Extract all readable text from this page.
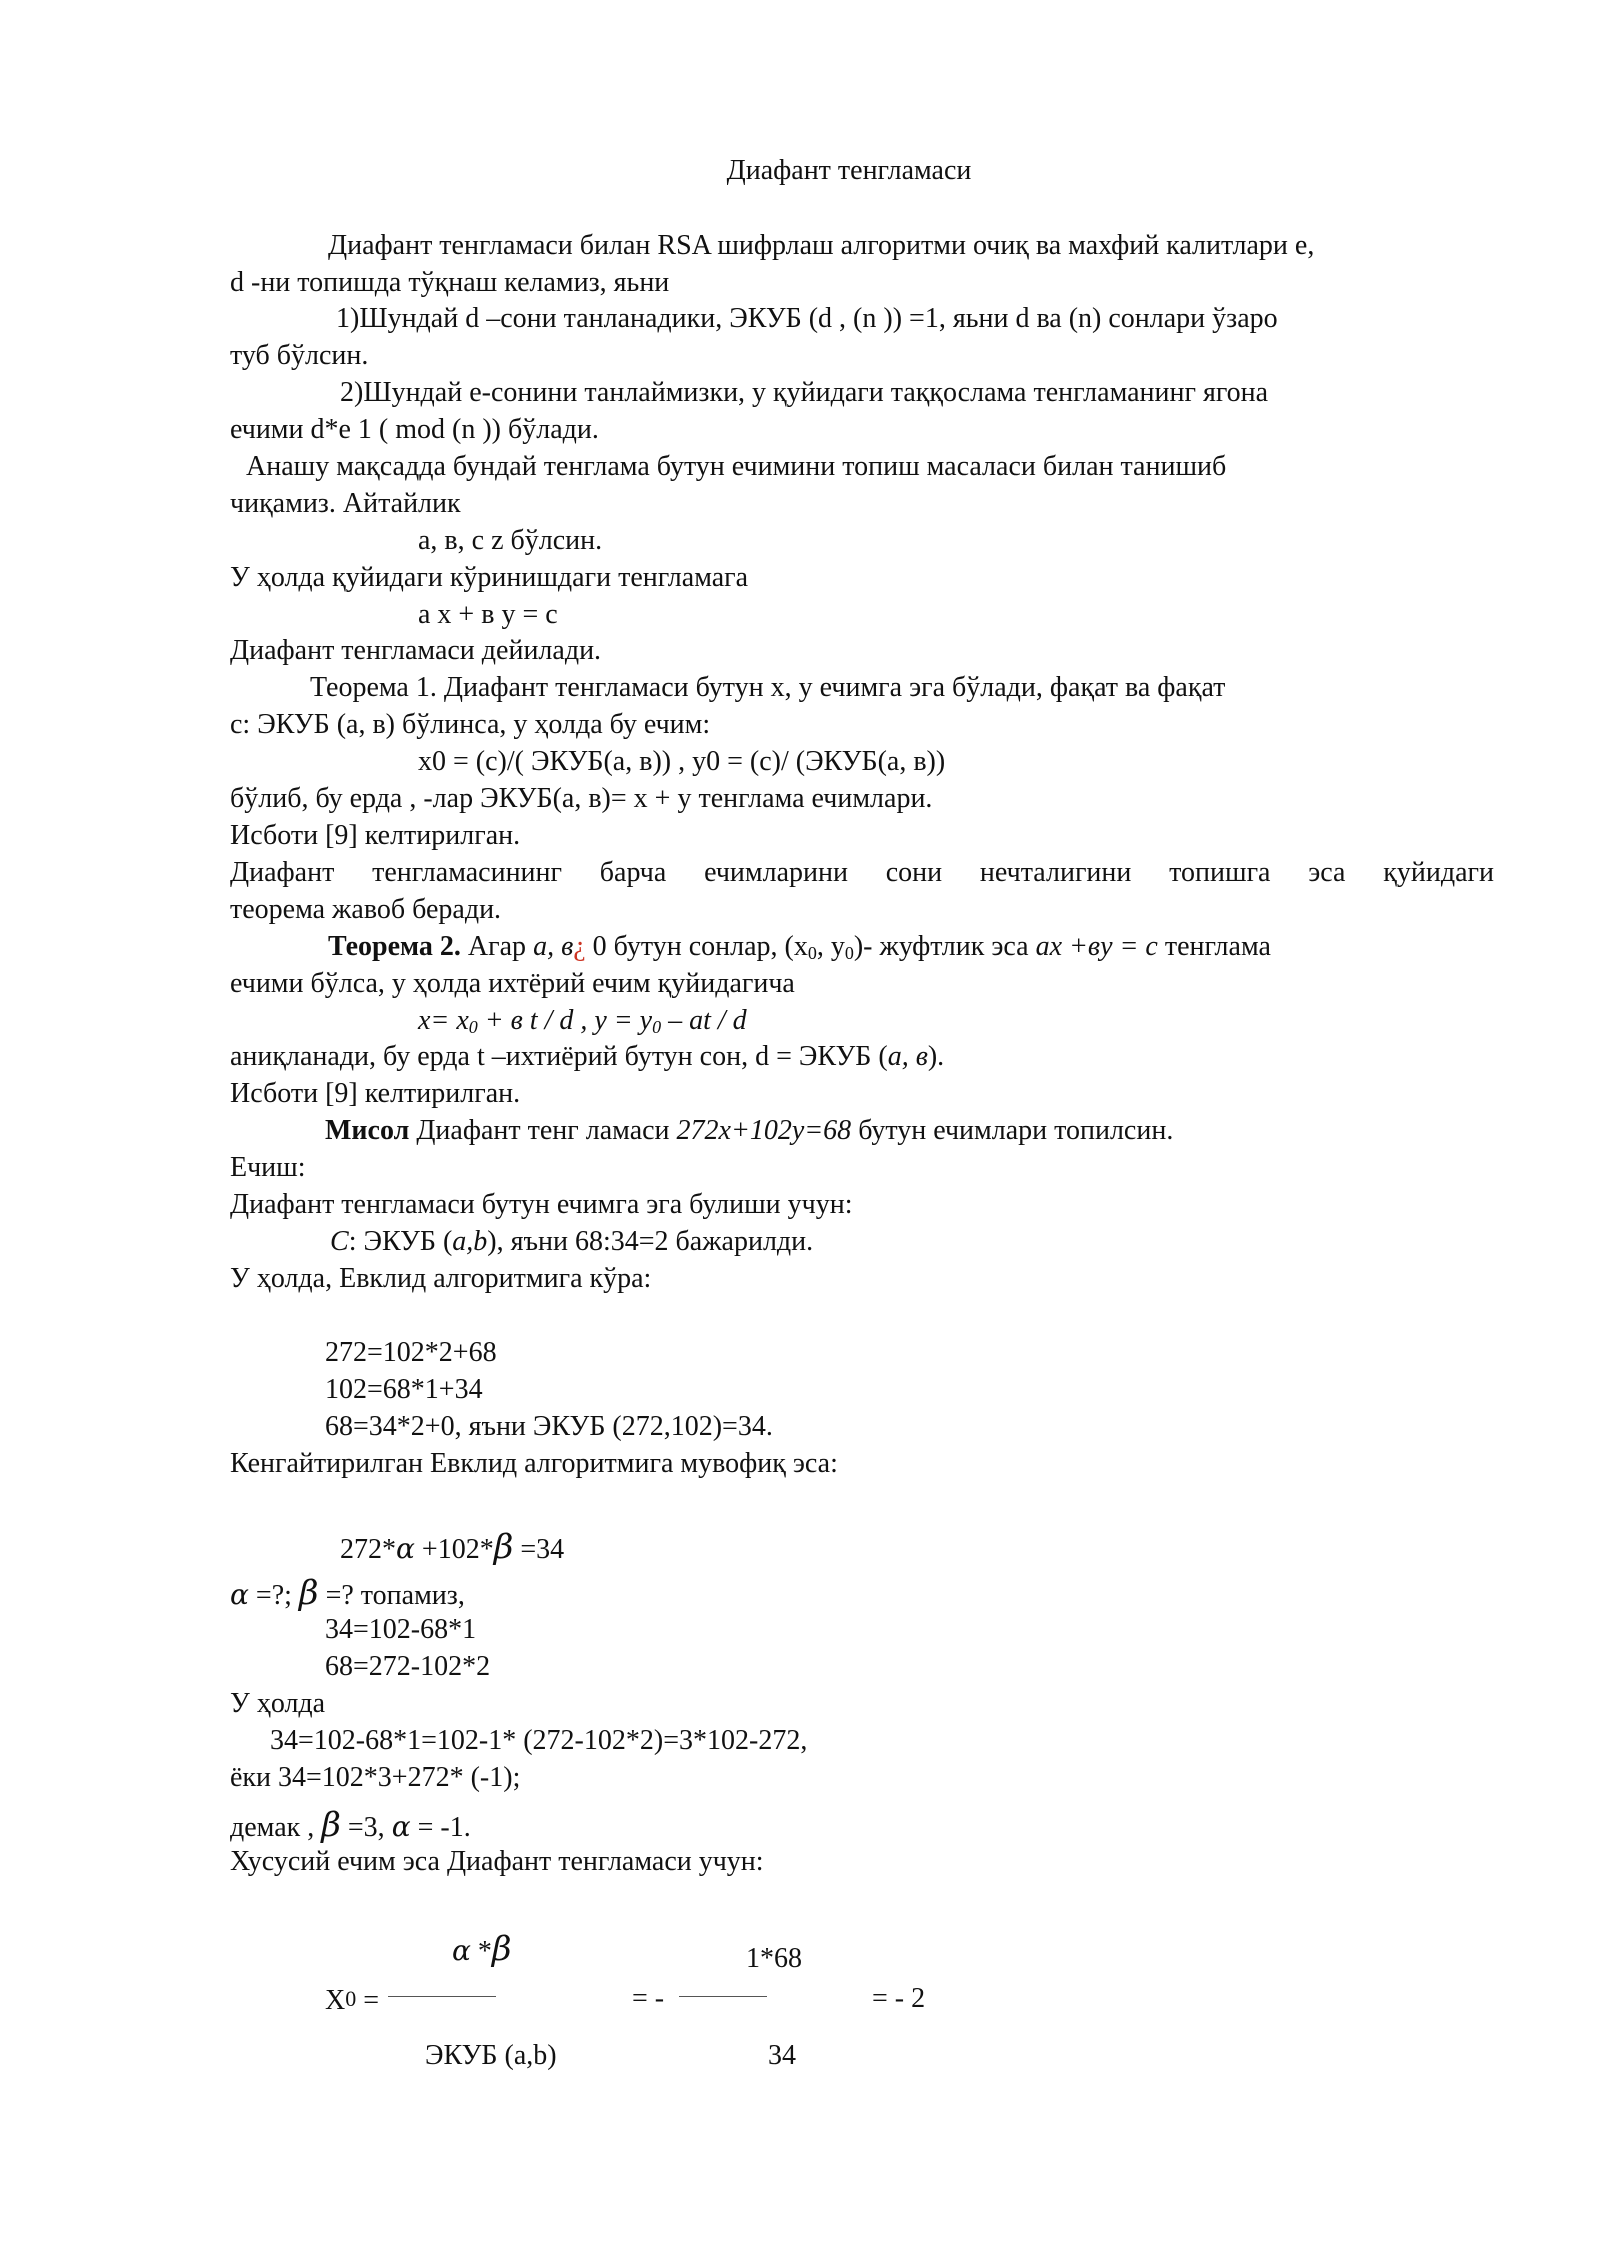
Диафант тенгламаси

Диафант тенгламаси билан RSA шифрлаш алгоритми очиқ ва махфий калитлари e,

d -ни топишда тўқнаш келамиз, яьни

1)Шундай d –сони танланадики, ЭКУБ (d , (n )) =1, яьни d ва (n) сонлари ўзаро

туб бўлсин.

2)Шундай e-сонини танлаймизки, у қуйидаги таққослама тенгламанинг ягона

ечими d*e 1 ( mod (n )) бўлади.

Анашу мақсадда бундай тенглама бутун ечимини топиш масаласи билан танишиб

чиқамиз. Айтайлик

а, в, с z бўлсин.

У ҳолда қуйидаги кўринишдаги тенгламага

а х + в у = с

Диафант тенгламаси дейилади.

Теорема 1. Диафант тенгламаси бутун х, у ечимга эга бўлади, фақат ва фақат

с: ЭКУБ (а, в) бўлинса, у ҳолда бу ечим:

х0 = (с)/( ЭКУБ(а, в)) , у0 = (с)/ (ЭКУБ(а, в))

бўлиб, бу ерда , -лар ЭКУБ(а, в)= х + у тенглама ечимлари.

Исботи [9] келтирилган.

Диафант тенгламасининг барча ечимларини сони нечталигини топишга эса қуйидаги

теорема жавоб беради.

Теорема 2. Агар а, в¿ 0 бутун сонлар, ($x_0$, $y_0)-$ жуфтлик эса ах +ву = с тенглама

ечими бўлса, у ҳолда ихтёрий ечим қуйидагича

$x= x_0 + в$ t / d , $y = y_0$ – at / d

аниқланади, бу ерда t –ихтиёрий бутун сон, d = ЭКУБ (а, в).

Исботи [9] келтирилган.

Мисол Диафант тенг ламаси 272x+102y=68 бутун ечимлари топилсин.

Ечиш:

Диафант тенгламаси бутун ечимга эга булиши учун:

C: ЭКУБ (a,b), яъни 68:34=2 бажарилди.

У ҳолда, Евклид алгоритмига кўра:

272=102*2+68

102=68*1+34

68=34*2+0, яъни ЭКУБ (272,102)=34.

Кенгайтирилган Евклид алгоритмига мувофиқ эса:

272*α +102*β =34

α =?; β =? топамиз,

34=102-68*1

68=272-102*2

У ҳолда

34=102-68*1=102-1* (272-102*2)=3*102-272,

ёки 34=102*3+272* (-1);

демак , β =3, α = -1.

Хусусий ечим эса Диафант тенгламаси учун:

α *β

X0 =

ЭКУБ (a,b)

= -

1*68

34

= - 2
